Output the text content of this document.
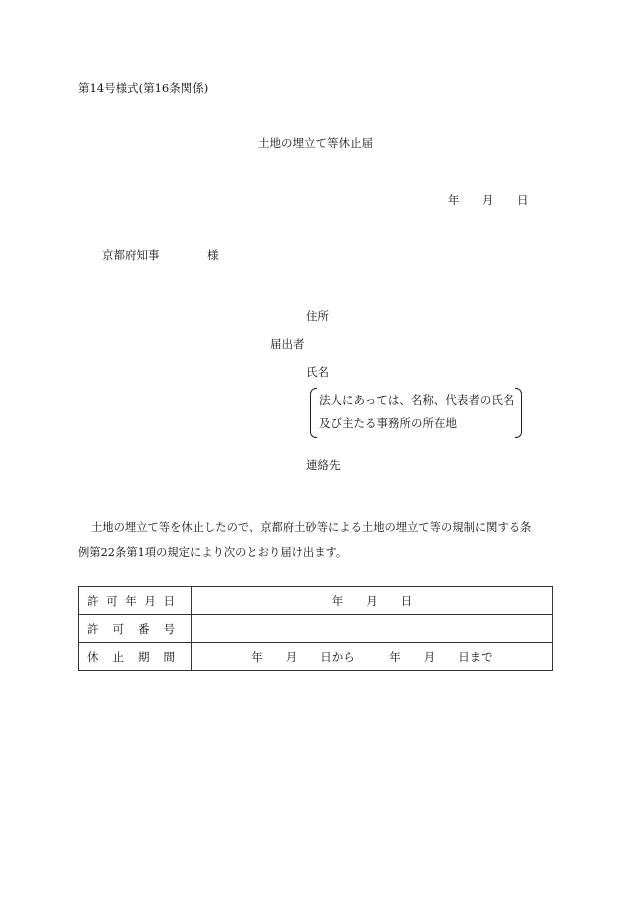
第14号様式(第16条関係)
土地の埋立て等休止届
年 月 日
京都府知事	様
住所
届出者
氏名
法人にあっては、名称、代表者の氏名
及び主たる事務所の所在地
連絡先
土地の埋立て等を休止したので、京都府土砂等による土地の埋立て等の規制に関する条
例第22条第1項の規定により次のとおり届け出ます。
許 可 年 月 日	年　　月　　日

許 可 番 号	

休 止 期 間	年　　月　　日から　　　年　　月　　日まで
